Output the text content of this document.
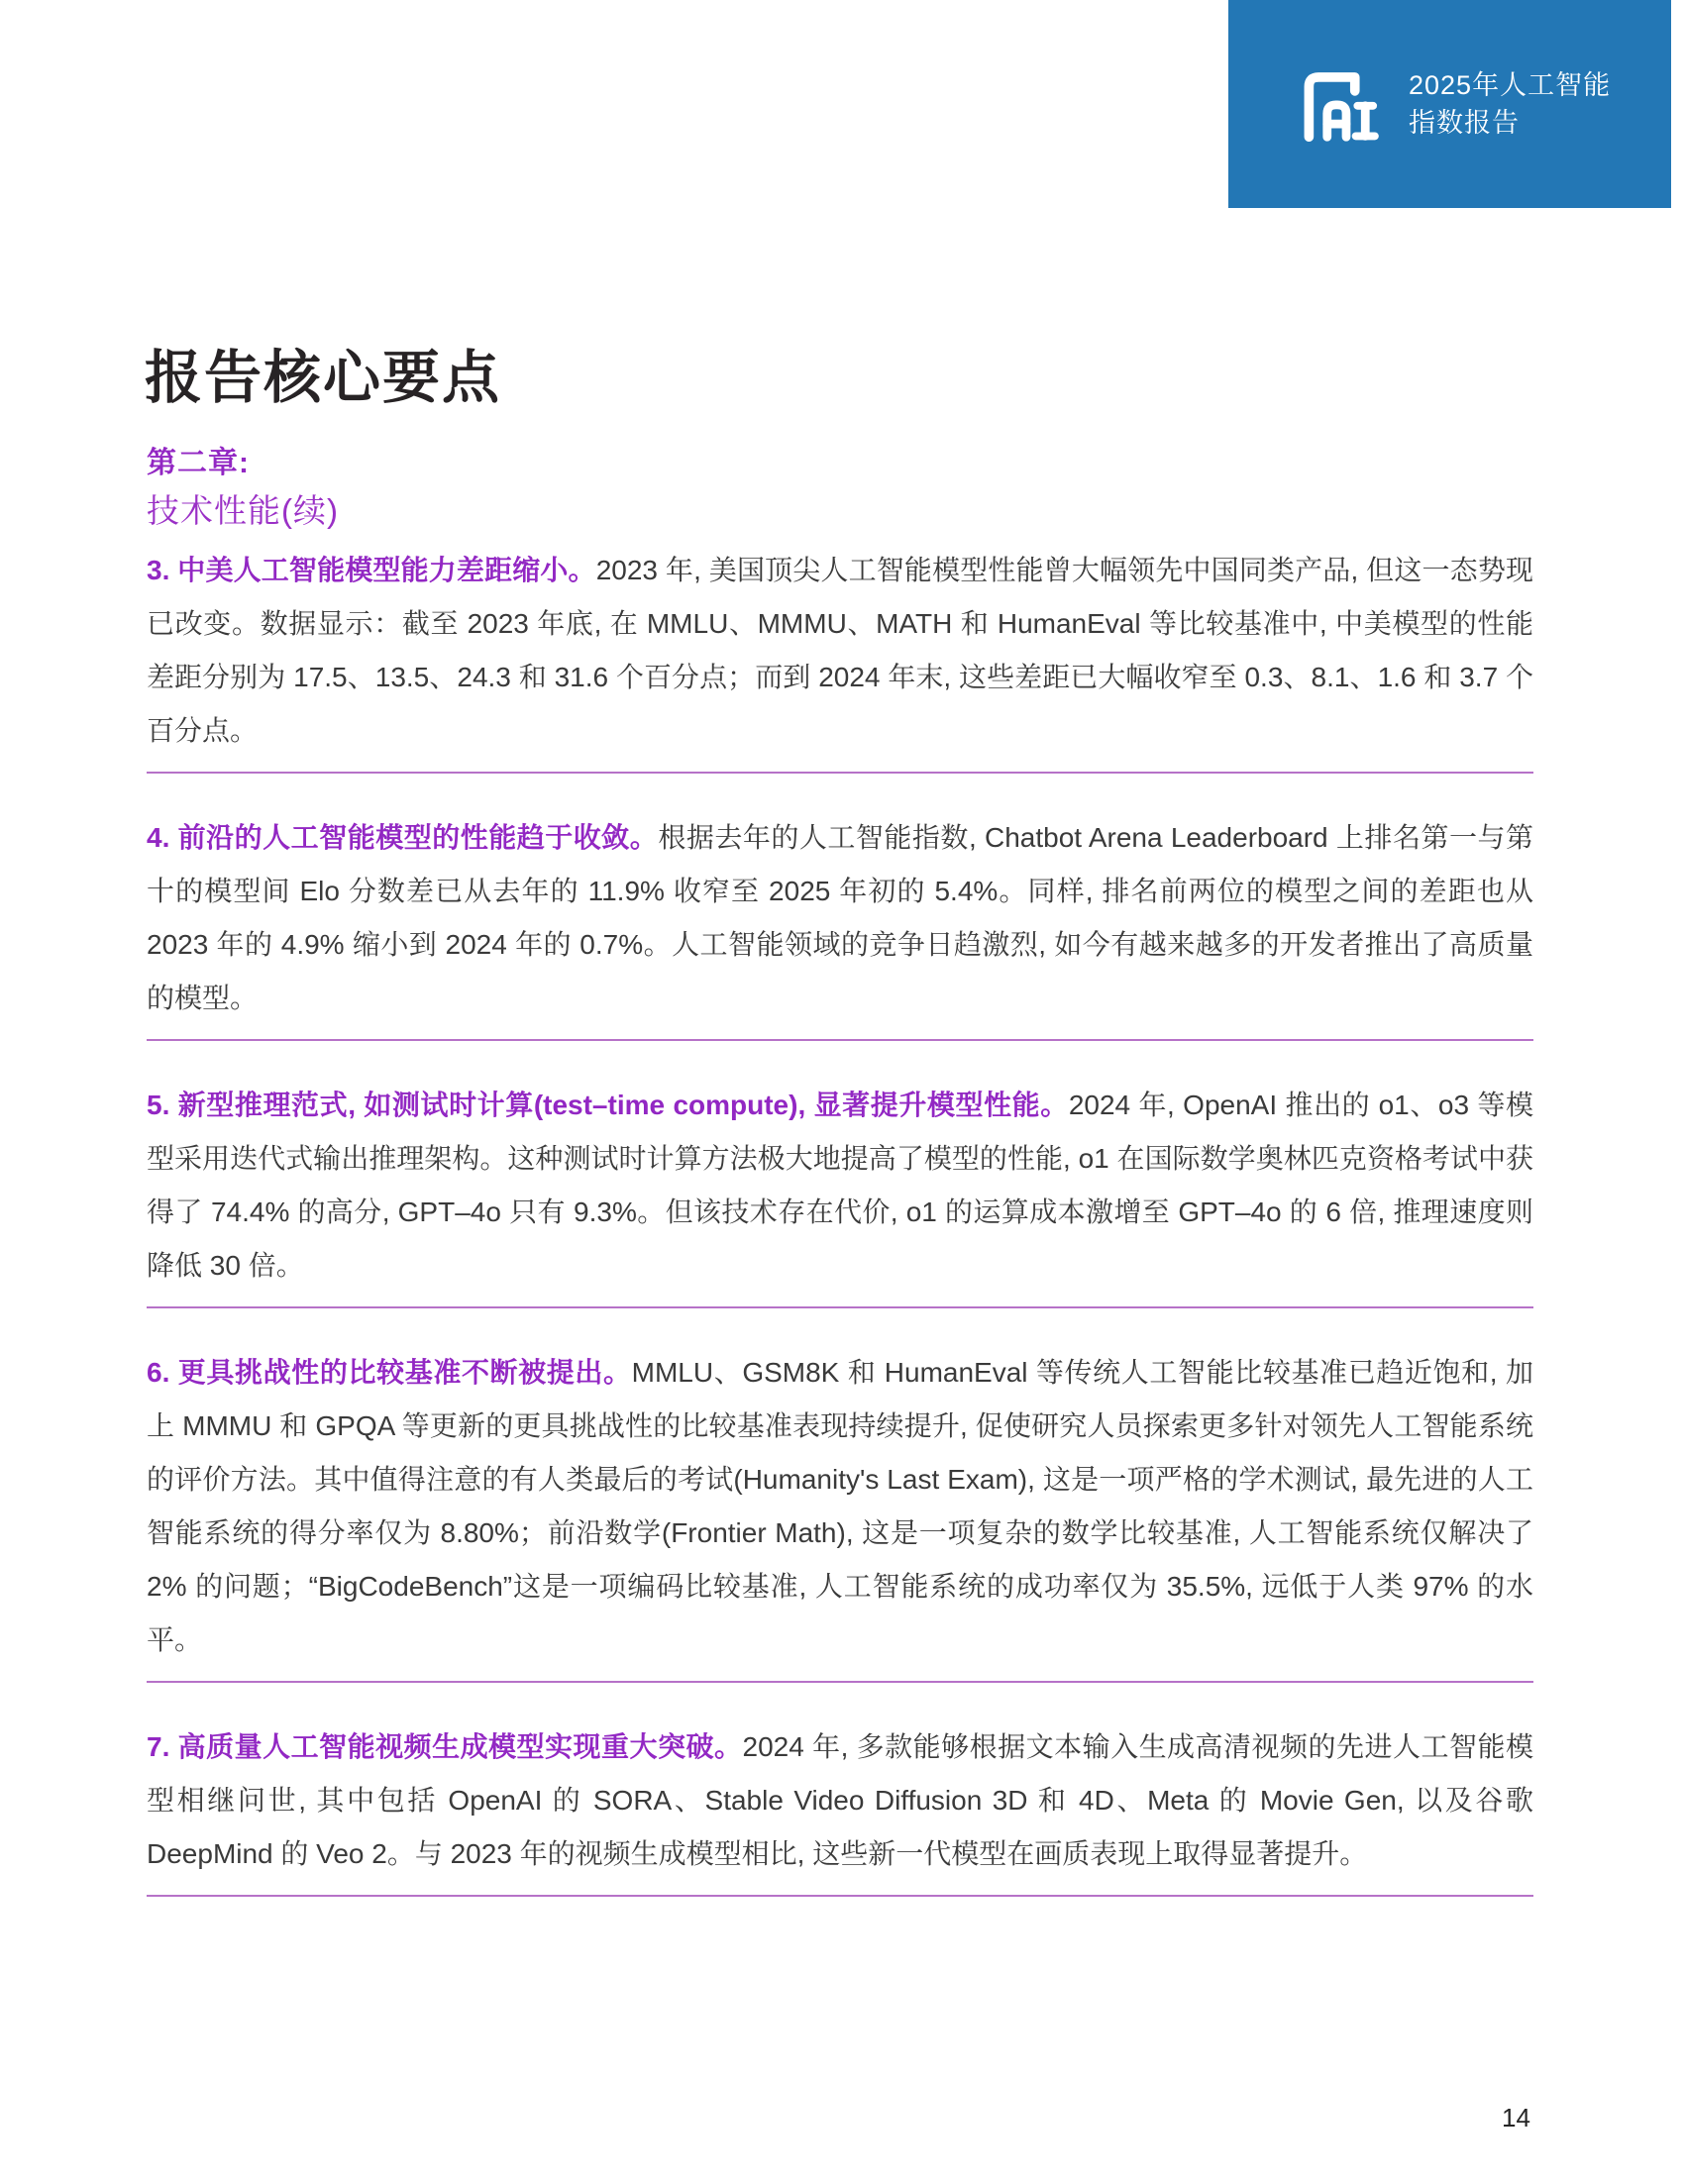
2025年人工智能
指数报告
报告核心要点
第二章:
技术性能(续)

3. 中美人工智能模型能力差距缩小。2023 年, 美国顶尖人工智能模型性能曾大幅领先中国同类产品, 但这一态势现已改变。数据显示：截至 2023 年底, 在 MMLU、MMMU、MATH 和 HumanEval 等比较基准中, 中美模型的性能差距分别为 17.5、13.5、24.3 和 31.6 个百分点；而到 2024 年末, 这些差距已大幅收窄至 0.3、8.1、1.6 和 3.7 个百分点。

4. 前沿的人工智能模型的性能趋于收敛。根据去年的人工智能指数, Chatbot Arena Leaderboard 上排名第一与第十的模型间 Elo 分数差已从去年的 11.9% 收窄至 2025 年初的 5.4%。同样, 排名前两位的模型之间的差距也从 2023 年的 4.9% 缩小到 2024 年的 0.7%。人工智能领域的竞争日趋激烈, 如今有越来越多的开发者推出了高质量的模型。

5. 新型推理范式, 如测试时计算(test–time compute), 显著提升模型性能。2024 年, OpenAI 推出的 o1、o3 等模型采用迭代式输出推理架构。这种测试时计算方法极大地提高了模型的性能, o1 在国际数学奥林匹克资格考试中获得了 74.4% 的高分, GPT–4o 只有 9.3%。但该技术存在代价, o1 的运算成本激增至 GPT–4o 的 6 倍, 推理速度则降低 30 倍。

6. 更具挑战性的比较基准不断被提出。MMLU、GSM8K 和 HumanEval 等传统人工智能比较基准已趋近饱和, 加上 MMMU 和 GPQA 等更新的更具挑战性的比较基准表现持续提升, 促使研究人员探索更多针对领先人工智能系统的评价方法。其中值得注意的有人类最后的考试(Humanity's Last Exam), 这是一项严格的学术测试, 最先进的人工智能系统的得分率仅为 8.80%；前沿数学(Frontier Math), 这是一项复杂的数学比较基准, 人工智能系统仅解决了 2% 的问题；“BigCodeBench”这是一项编码比较基准, 人工智能系统的成功率仅为 35.5%, 远低于人类 97% 的水平。

7. 高质量人工智能视频生成模型实现重大突破。2024 年, 多款能够根据文本输入生成高清视频的先进人工智能模型相继问世, 其中包括 OpenAI 的 SORA、Stable Video Diffusion 3D 和 4D、Meta 的 Movie Gen, 以及谷歌 DeepMind 的 Veo 2。与 2023 年的视频生成模型相比, 这些新一代模型在画质表现上取得显著提升。

14
